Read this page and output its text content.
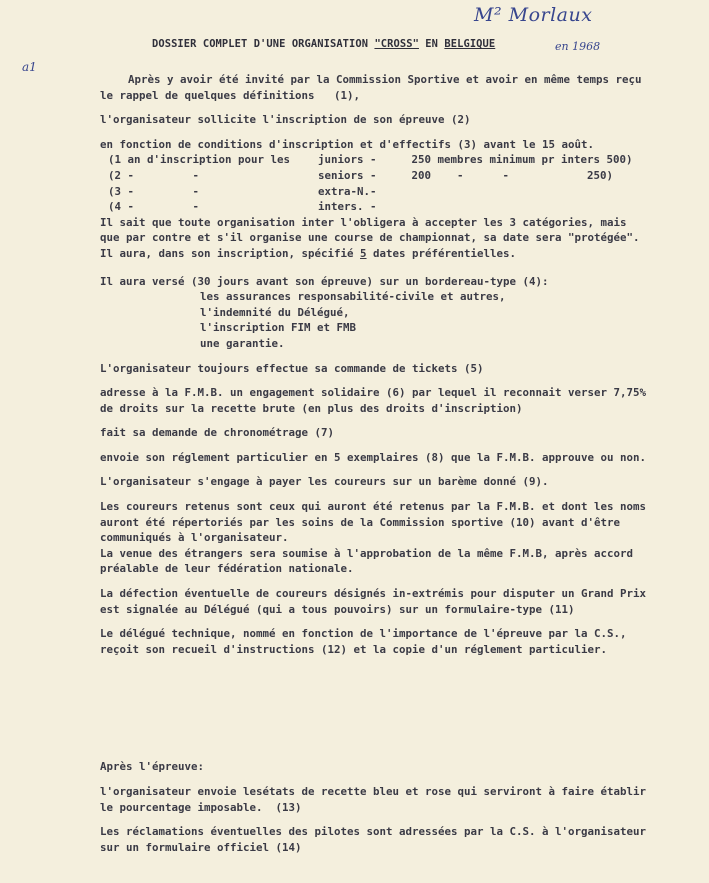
M² Morlaux
en 1968
a1
DOSSIER COMPLET D'UNE ORGANISATION "CROSS" EN BELGIQUE

Après y avoir été invité par la Commission Sportive et avoir en même temps reçu

le rappel de quelques définitions   (1),

l'organisateur sollicite l'inscription de son épreuve (2)

en fonction de conditions d'inscription et d'effectifs (3) avant le 15 août.

(1 an d'inscription pour les	juniors -	250 membres minimum pr inters 500)
(2 -         -	seniors -	200    -      -            250)
(3 -         -	extra-N.-
(4 -         -	inters. -

Il sait que toute organisation inter l'obligera à accepter les 3 catégories, mais

que par contre et s'il organise une course de championnat, sa date sera "protégée".

Il aura, dans son inscription, spécifié 5 dates préférentielles.

Il aura versé (30 jours avant son épreuve) sur un bordereau-type (4):

les assurances responsabilité-civile et autres,

l'indemnité du Délégué,

l'inscription FIM et FMB

une garantie.

L'organisateur toujours effectue sa commande de tickets (5)

adresse à la F.M.B. un engagement solidaire (6) par lequel il reconnait verser 7,75%

de droits sur la recette brute (en plus des droits d'inscription)

fait sa demande de chronométrage (7)

envoie son réglement particulier en 5 exemplaires (8) que la F.M.B. approuve ou non.

L'organisateur s'engage à payer les coureurs sur un barème donné (9).

Les coureurs retenus sont ceux qui auront été retenus par la F.M.B. et dont les noms

auront été répertoriés par les soins de la Commission sportive (10) avant d'être

communiqués à l'organisateur.

La venue des étrangers sera soumise à l'approbation de la même F.M.B, après accord

préalable de leur fédération nationale.

La défection éventuelle de coureurs désignés in-extrémis pour disputer un Grand Prix

est signalée au Délégué (qui a tous pouvoirs) sur un formulaire-type (11)

Le délégué technique, nommé en fonction de l'importance de l'épreuve par la C.S.,

reçoit son recueil d'instructions (12) et la copie d'un réglement particulier.

Après l'épreuve:

l'organisateur envoie lesétats de recette bleu et rose qui serviront à faire établir

le pourcentage imposable.  (13)

Les réclamations éventuelles des pilotes sont adressées par la C.S. à l'organisateur

sur un formulaire officiel (14)
